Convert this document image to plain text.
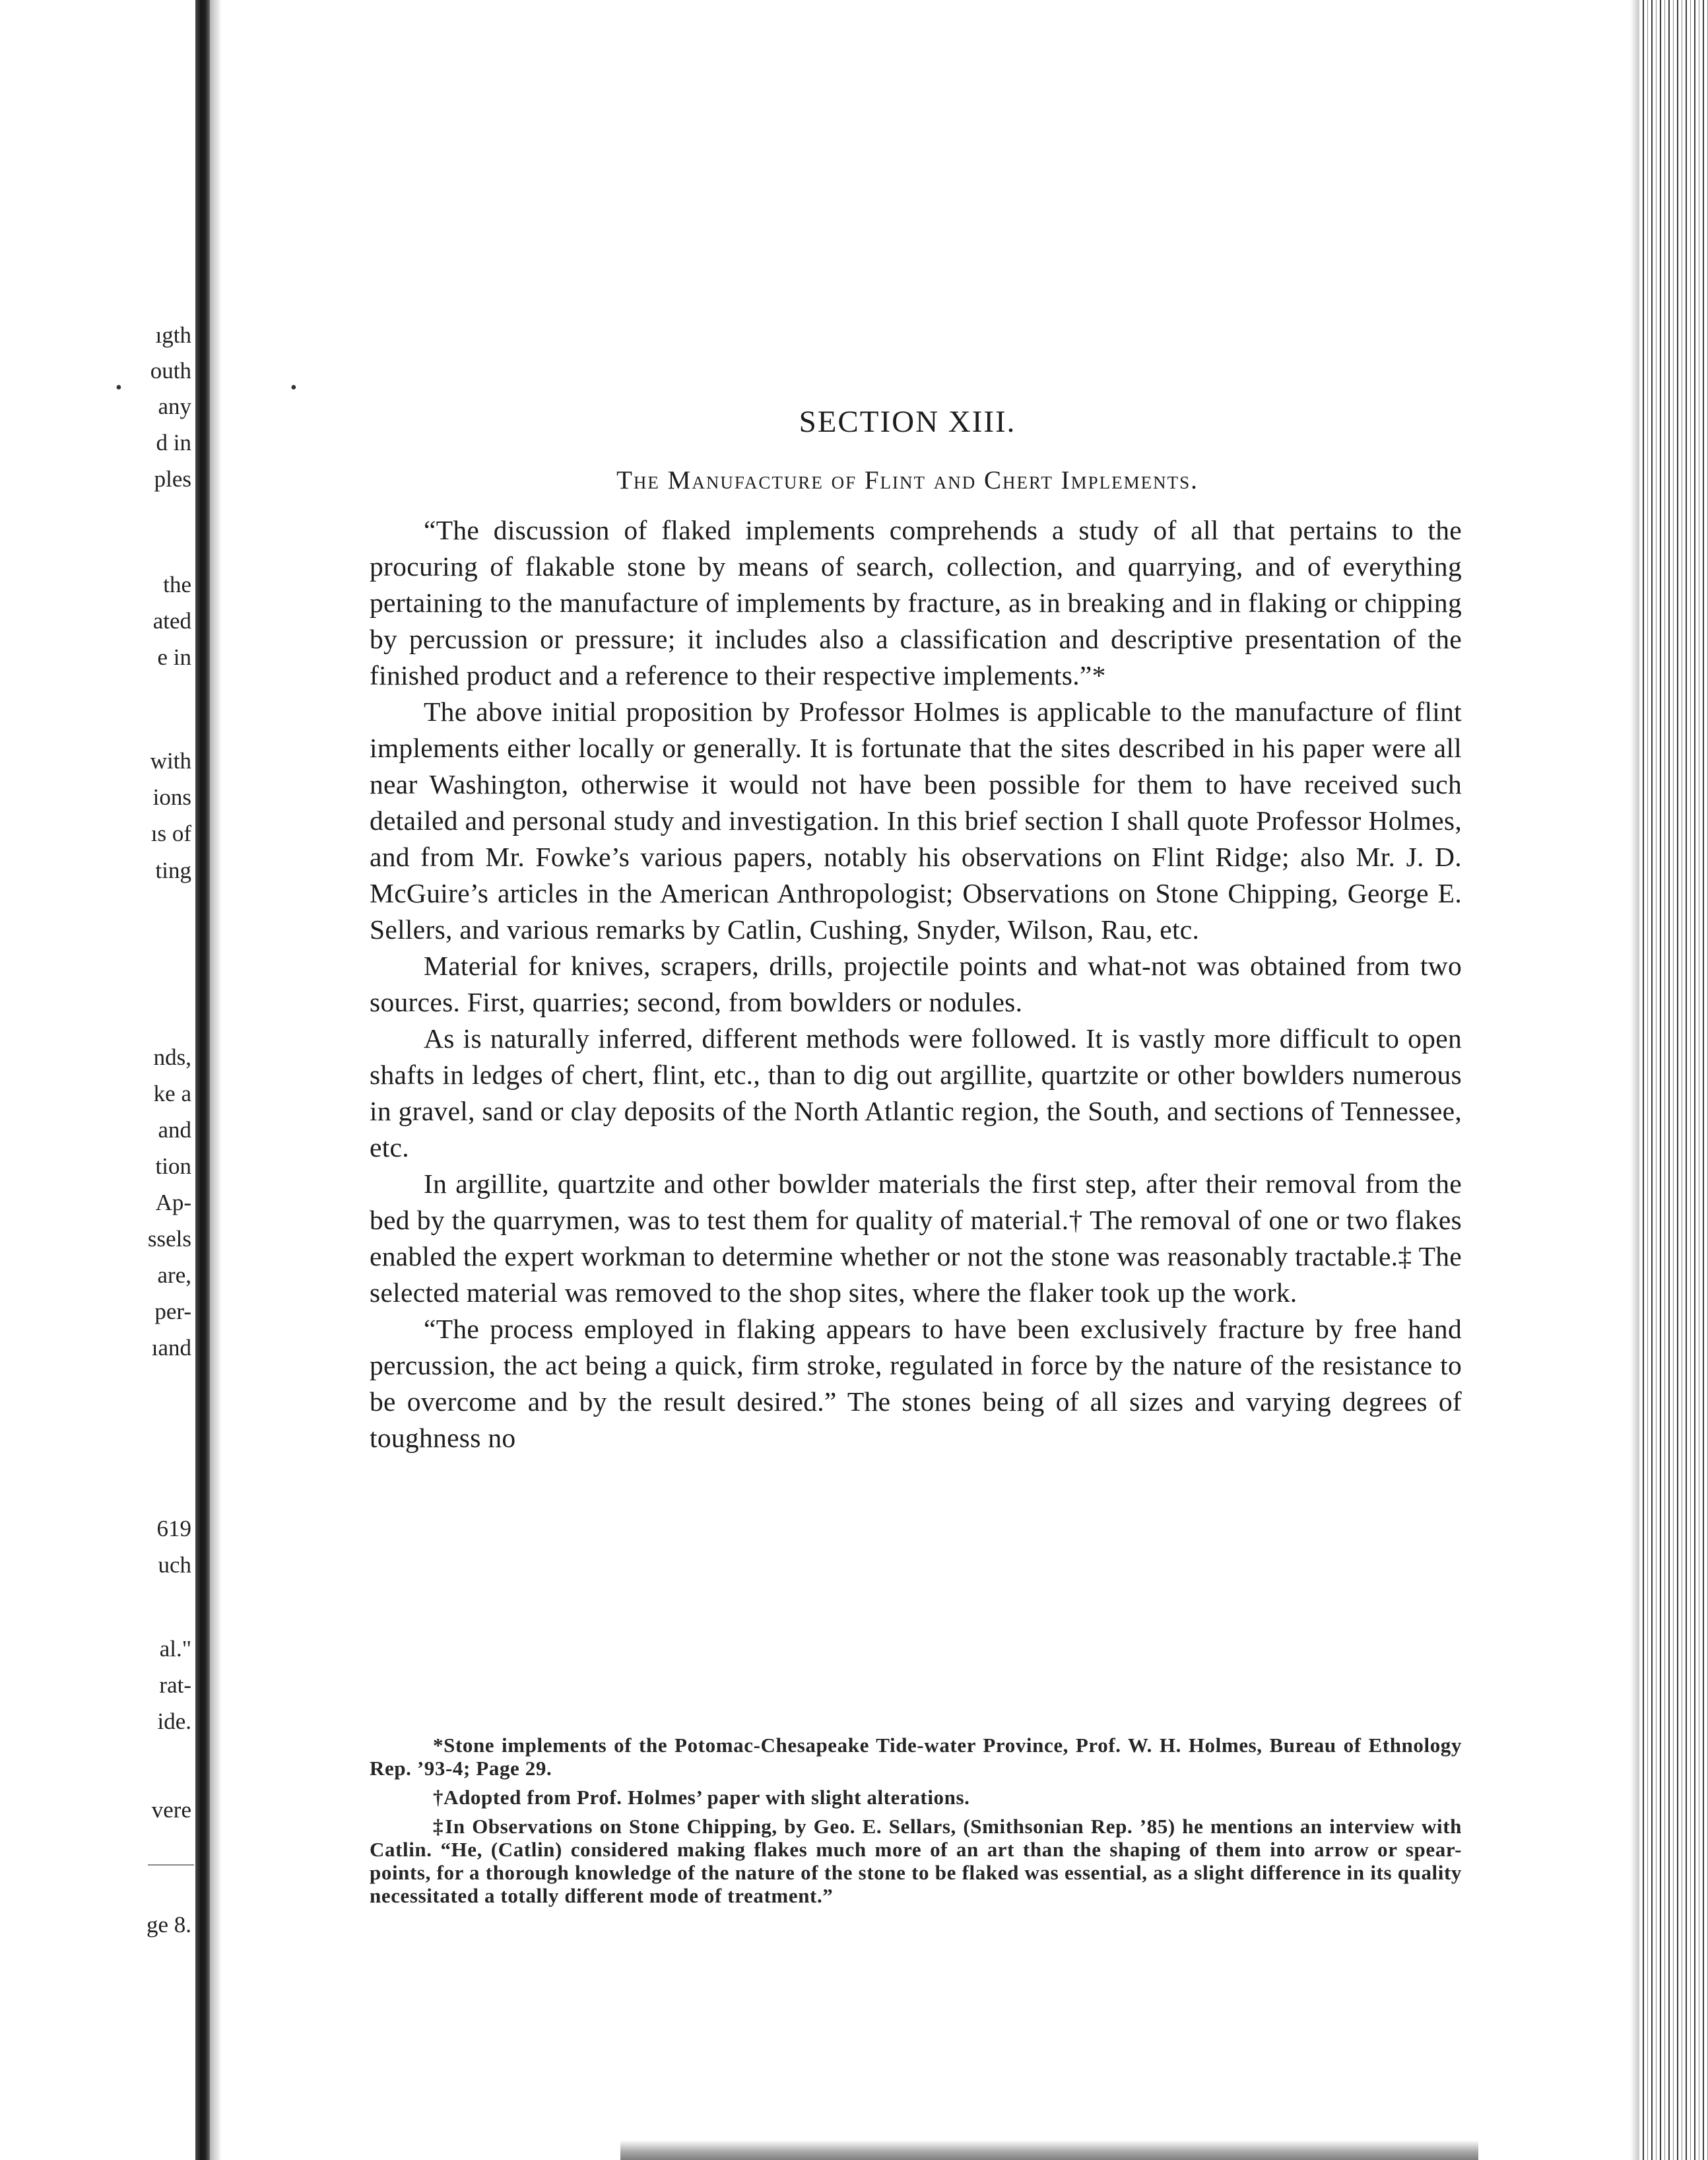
ıgth
outh
any
d in
ples
the
ated
e in
with
ions
ıs of
ting
nds,
ke a
and
tion
Ap-
ssels
are,
per-
ıand
619
uch
al."
rat-
ide.
vere
ge 8.
•	•
SECTION XIII.
The Manufacture of Flint and Chert Implements.

“The discussion of flaked implements comprehends a study of all that pertains to the procuring of flakable stone by means of search, collection, and quarrying, and of everything pertaining to the manufacture of implements by fracture, as in breaking and in flaking or chipping by percussion or pressure; it includes also a classification and descriptive presentation of the finished product and a reference to their respective implements.”*

The above initial proposition by Professor Holmes is applicable to the manufacture of flint implements either locally or generally. It is fortunate that the sites described in his paper were all near Washington, otherwise it would not have been possible for them to have received such detailed and personal study and investigation. In this brief section I shall quote Professor Holmes, and from Mr. Fowke’s various papers, notably his observations on Flint Ridge; also Mr. J. D. McGuire’s articles in the American Anthropologist; Observations on Stone Chipping, George E. Sellers, and various remarks by Catlin, Cushing, Snyder, Wilson, Rau, etc.

Material for knives, scrapers, drills, projectile points and what-not was obtained from two sources. First, quarries; second, from bowlders or nodules.

As is naturally inferred, different methods were followed. It is vastly more difficult to open shafts in ledges of chert, flint, etc., than to dig out argillite, quartzite or other bowlders numerous in gravel, sand or clay deposits of the North Atlantic region, the South, and sections of Tennessee, etc.

In argillite, quartzite and other bowlder materials the first step, after their removal from the bed by the quarrymen, was to test them for quality of material.† The removal of one or two flakes enabled the expert workman to determine whether or not the stone was reasonably tractable.‡ The selected material was removed to the shop sites, where the flaker took up the work.

“The process employed in flaking appears to have been exclusively fracture by free hand percussion, the act being a quick, firm stroke, regulated in force by the nature of the resistance to be overcome and by the result desired.” The stones being of all sizes and varying degrees of toughness no

*Stone implements of the Potomac-Chesapeake Tide-water Province, Prof. W. H. Holmes, Bureau of Ethnology Rep. ’93-4; Page 29.

†Adopted from Prof. Holmes’ paper with slight alterations.

‡In Observations on Stone Chipping, by Geo. E. Sellars, (Smithsonian Rep. ’85) he mentions an interview with Catlin. “He, (Catlin) considered making flakes much more of an art than the shaping of them into arrow or spear-points, for a thorough knowledge of the nature of the stone to be flaked was essential, as a slight difference in its quality necessitated a totally different mode of treatment.”
